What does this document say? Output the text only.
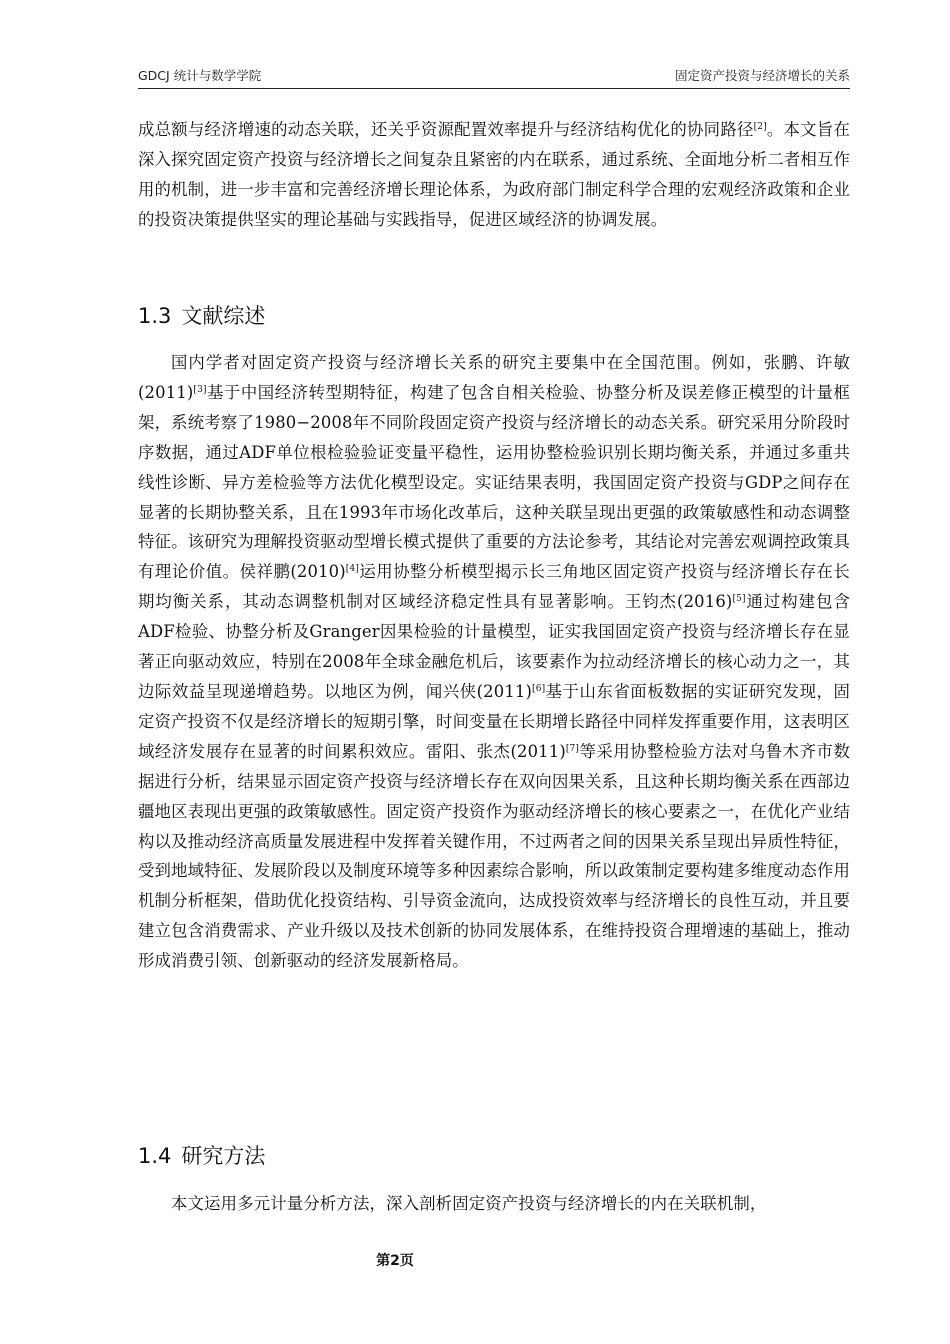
GDCJ 统计与数学学院	固定资产投资与经济增长的关系

成总额与经济增速的动态关联，还关乎资源配置效率提升与经济结构优化的协同路径[2]。本文旨在深入探究固定资产投资与经济增长之间复杂且紧密的内在联系，通过系统、全面地分析二者相互作用的机制，进一步丰富和完善经济增长理论体系，为政府部门制定科学合理的宏观经济政策和企业的投资决策提供坚实的理论基础与实践指导，促进区域经济的协调发展。

1.3 文献综述

国内学者对固定资产投资与经济增长关系的研究主要集中在全国范围。例如，张鹏、许敏(2011)[3]基于中国经济转型期特征，构建了包含自相关检验、协整分析及误差修正模型的计量框架，系统考察了1980−2008年不同阶段固定资产投资与经济增长的动态关系。研究采用分阶段时序数据，通过ADF单位根检验验证变量平稳性，运用协整检验识别长期均衡关系，并通过多重共线性诊断、异方差检验等方法优化模型设定。实证结果表明，我国固定资产投资与GDP之间存在显著的长期协整关系，且在1993年市场化改革后，这种关联呈现出更强的政策敏感性和动态调整特征。该研究为理解投资驱动型增长模式提供了重要的方法论参考，其结论对完善宏观调控政策具有理论价值。侯祥鹏(2010)[4]运用协整分析模型揭示长三角地区固定资产投资与经济增长存在长期均衡关系，其动态调整机制对区域经济稳定性具有显著影响。王钧杰(2016)[5]通过构建包含ADF检验、协整分析及Granger因果检验的计量模型，证实我国固定资产投资与经济增长存在显著正向驱动效应，特别在2008年全球金融危机后，该要素作为拉动经济增长的核心动力之一，其边际效益呈现递增趋势。以地区为例，闻兴侠(2011)[6]基于山东省面板数据的实证研究发现，固定资产投资不仅是经济增长的短期引擎，时间变量在长期增长路径中同样发挥重要作用，这表明区域经济发展存在显著的时间累积效应。雷阳、张杰(2011)[7]等采用协整检验方法对乌鲁木齐市数据进行分析，结果显示固定资产投资与经济增长存在双向因果关系，且这种长期均衡关系在西部边疆地区表现出更强的政策敏感性。固定资产投资作为驱动经济增长的核心要素之一，在优化产业结构以及推动经济高质量发展进程中发挥着关键作用，不过两者之间的因果关系呈现出异质性特征，受到地域特征、发展阶段以及制度环境等多种因素综合影响，所以政策制定要构建多维度动态作用机制分析框架，借助优化投资结构、引导资金流向，达成投资效率与经济增长的良性互动，并且要建立包含消费需求、产业升级以及技术创新的协同发展体系，在维持投资合理增速的基础上，推动形成消费引领、创新驱动的经济发展新格局。

1.4 研究方法

本文运用多元计量分析方法，深入剖析固定资产投资与经济增长的内在关联机制，

第2页
